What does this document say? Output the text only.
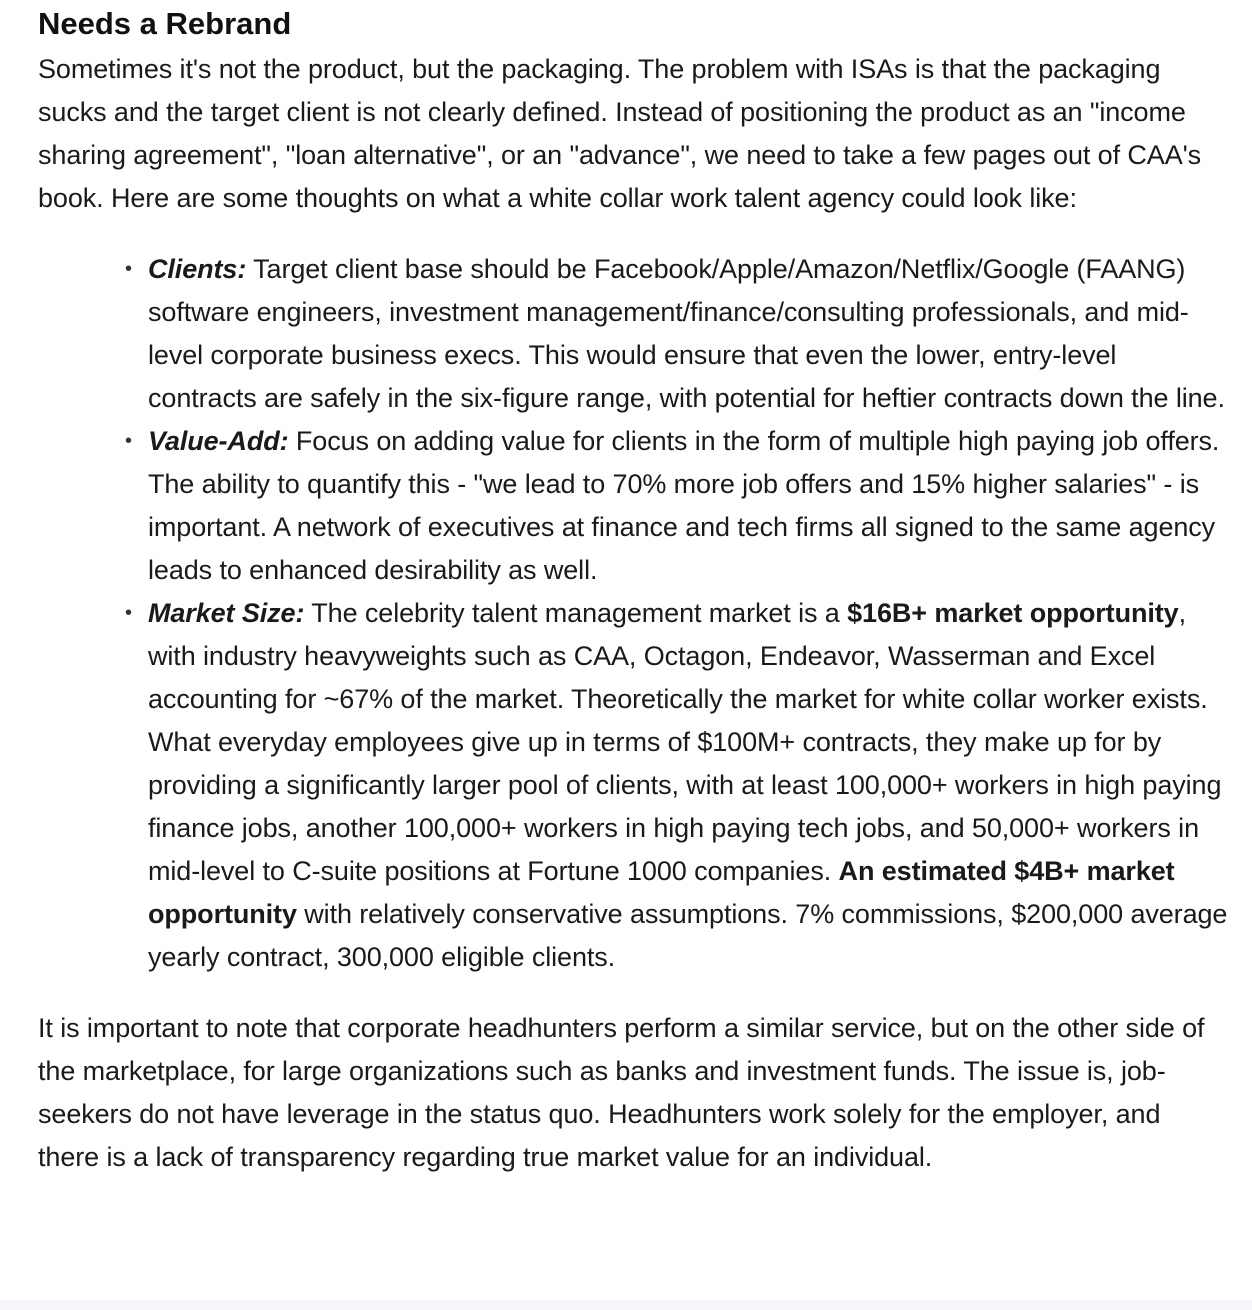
Needs a Rebrand

Sometimes it's not the product, but the packaging. The problem with ISAs is that the packaging sucks and the target client is not clearly defined. Instead of positioning the product as an "income sharing agreement", "loan alternative", or an "advance", we need to take a few pages out of CAA's book. Here are some thoughts on what a white collar work talent agency could look like:

• Clients: Target client base should be Facebook/Apple/Amazon/Netflix/Google (FAANG) software engineers, investment management/finance/consulting professionals, and mid-level corporate business execs. This would ensure that even the lower, entry-level contracts are safely in the six-figure range, with potential for heftier contracts down the line.
• Value-Add: Focus on adding value for clients in the form of multiple high paying job offers. The ability to quantify this - "we lead to 70% more job offers and 15% higher salaries" - is important. A network of executives at finance and tech firms all signed to the same agency leads to enhanced desirability as well.
• Market Size: The celebrity talent management market is a $16B+ market opportunity, with industry heavyweights such as CAA, Octagon, Endeavor, Wasserman and Excel accounting for ~67% of the market. Theoretically the market for white collar worker exists. What everyday employees give up in terms of $100M+ contracts, they make up for by providing a significantly larger pool of clients, with at least 100,000+ workers in high paying finance jobs, another 100,000+ workers in high paying tech jobs, and 50,000+ workers in mid-level to C-suite positions at Fortune 1000 companies. An estimated $4B+ market opportunity with relatively conservative assumptions. 7% commissions, $200,000 average yearly contract, 300,000 eligible clients.

It is important to note that corporate headhunters perform a similar service, but on the other side of the marketplace, for large organizations such as banks and investment funds. The issue is, job-seekers do not have leverage in the status quo. Headhunters work solely for the employer, and there is a lack of transparency regarding true market value for an individual.
